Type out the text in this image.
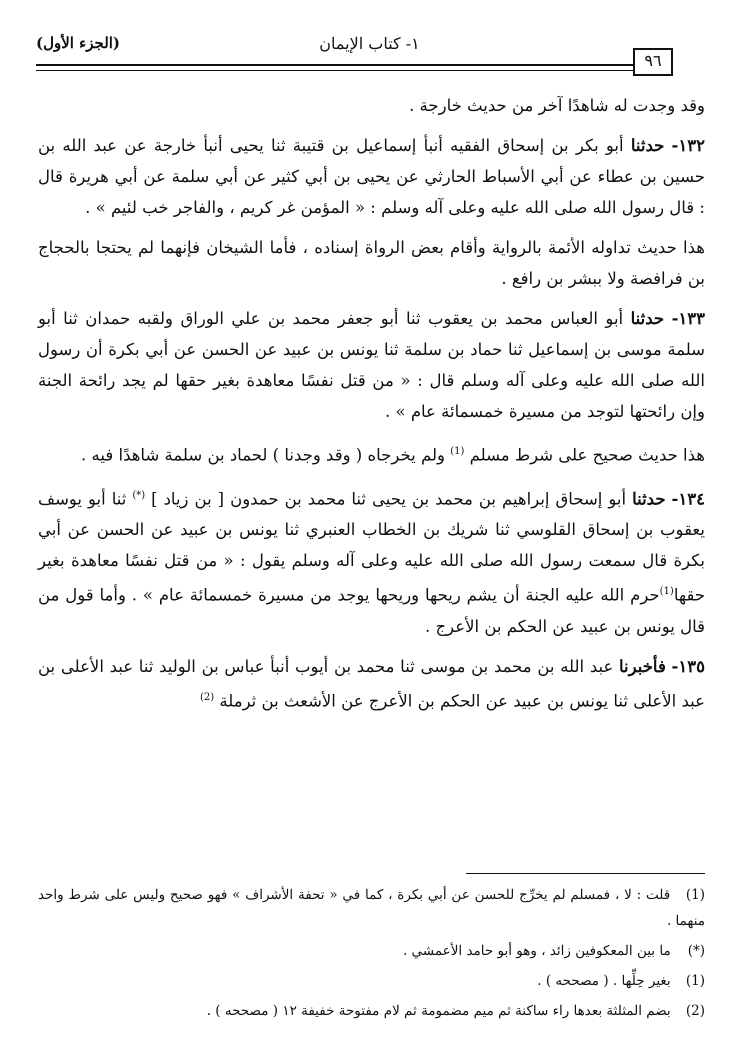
(الجزء الأول)	١- كتاب الإيمان
٩٦

وقد وجدت له شاهدًا آخر من حديث خارجة .

١٣٢- حدثنا أبو بكر بن إسحاق الفقيه أنبأ إسماعيل بن قتيبة ثنا يحيى أنبأ خارجة عن عبد الله بن حسين بن عطاء عن أبي الأسباط الحارثي عن يحيى بن أبي كثير عن أبي سلمة عن أبي هريرة قال : قال رسول الله صلى الله عليه وعلى آله وسلم : « المؤمن غر كريم ، والفاجر خب لئيم » .

هذا حديث تداوله الأئمة بالرواية وأقام بعض الرواة إسناده ، فأما الشيخان فإنهما لم يحتجا بالحجاج بن فرافصة ولا ببشر بن رافع .

١٣٣- حدثنا أبو العباس محمد بن يعقوب ثنا أبو جعفر محمد بن علي الوراق ولقبه حمدان ثنا أبو سلمة موسى بن إسماعيل ثنا حماد بن سلمة ثنا يونس بن عبيد عن الحسن عن أبي بكرة أن رسول الله صلى الله عليه وعلى آله وسلم قال : « من قتل نفسًا معاهدة بغير حقها لم يجد رائحة الجنة وإن رائحتها لتوجد من مسيرة خمسمائة عام » .

هذا حديث صحيح على شرط مسلم $^{(1)}$ ولم يخرجاه ( وقد وجدنا ) لحماد بن سلمة شاهدًا فيه .

١٣٤- حدثنا أبو إسحاق إبراهيم بن محمد بن يحيى ثنا محمد بن حمدون [ بن زياد ] (*) ثنا أبو يوسف يعقوب بن إسحاق القلوسي ثنا شريك بن الخطاب العنبري ثنا يونس بن عبيد عن الحسن عن أبي بكرة قال سمعت رسول الله صلى الله عليه وعلى آله وسلم يقول : « من قتل نفسًا معاهدة بغير حقها$^{(1)}$حرم الله عليه الجنة أن يشم ريحها وريحها يوجد من مسيرة خمسمائة عام » . وأما قول من قال يونس بن عبيد عن الحكم بن الأعرج .

١٣٥- فأخبرنا عبد الله بن محمد بن موسى ثنا محمد بن أيوب أنبأ عباس بن الوليد ثنا عبد الأعلى بن عبد الأعلى ثنا يونس بن عبيد عن الحكم بن الأعرج عن الأشعث بن ثرملة $^{(2)}$

(1) قلت : لا ، فمسلم لم يخرِّج للحسن عن أبي بكرة ، كما في « تحفة الأشراف » فهو صحيح وليس على شرط واحد منهما .

(*) ما بين المعكوفين زائد ، وهو أبو حامد الأعمشي .

(1) بغير حِلِّها . ( مصححه ) .

(2) بضم المثلثة بعدها راء ساكنة ثم ميم مضمومة ثم لام مفتوحة خفيفة ١٢ ( مصححه ) .
